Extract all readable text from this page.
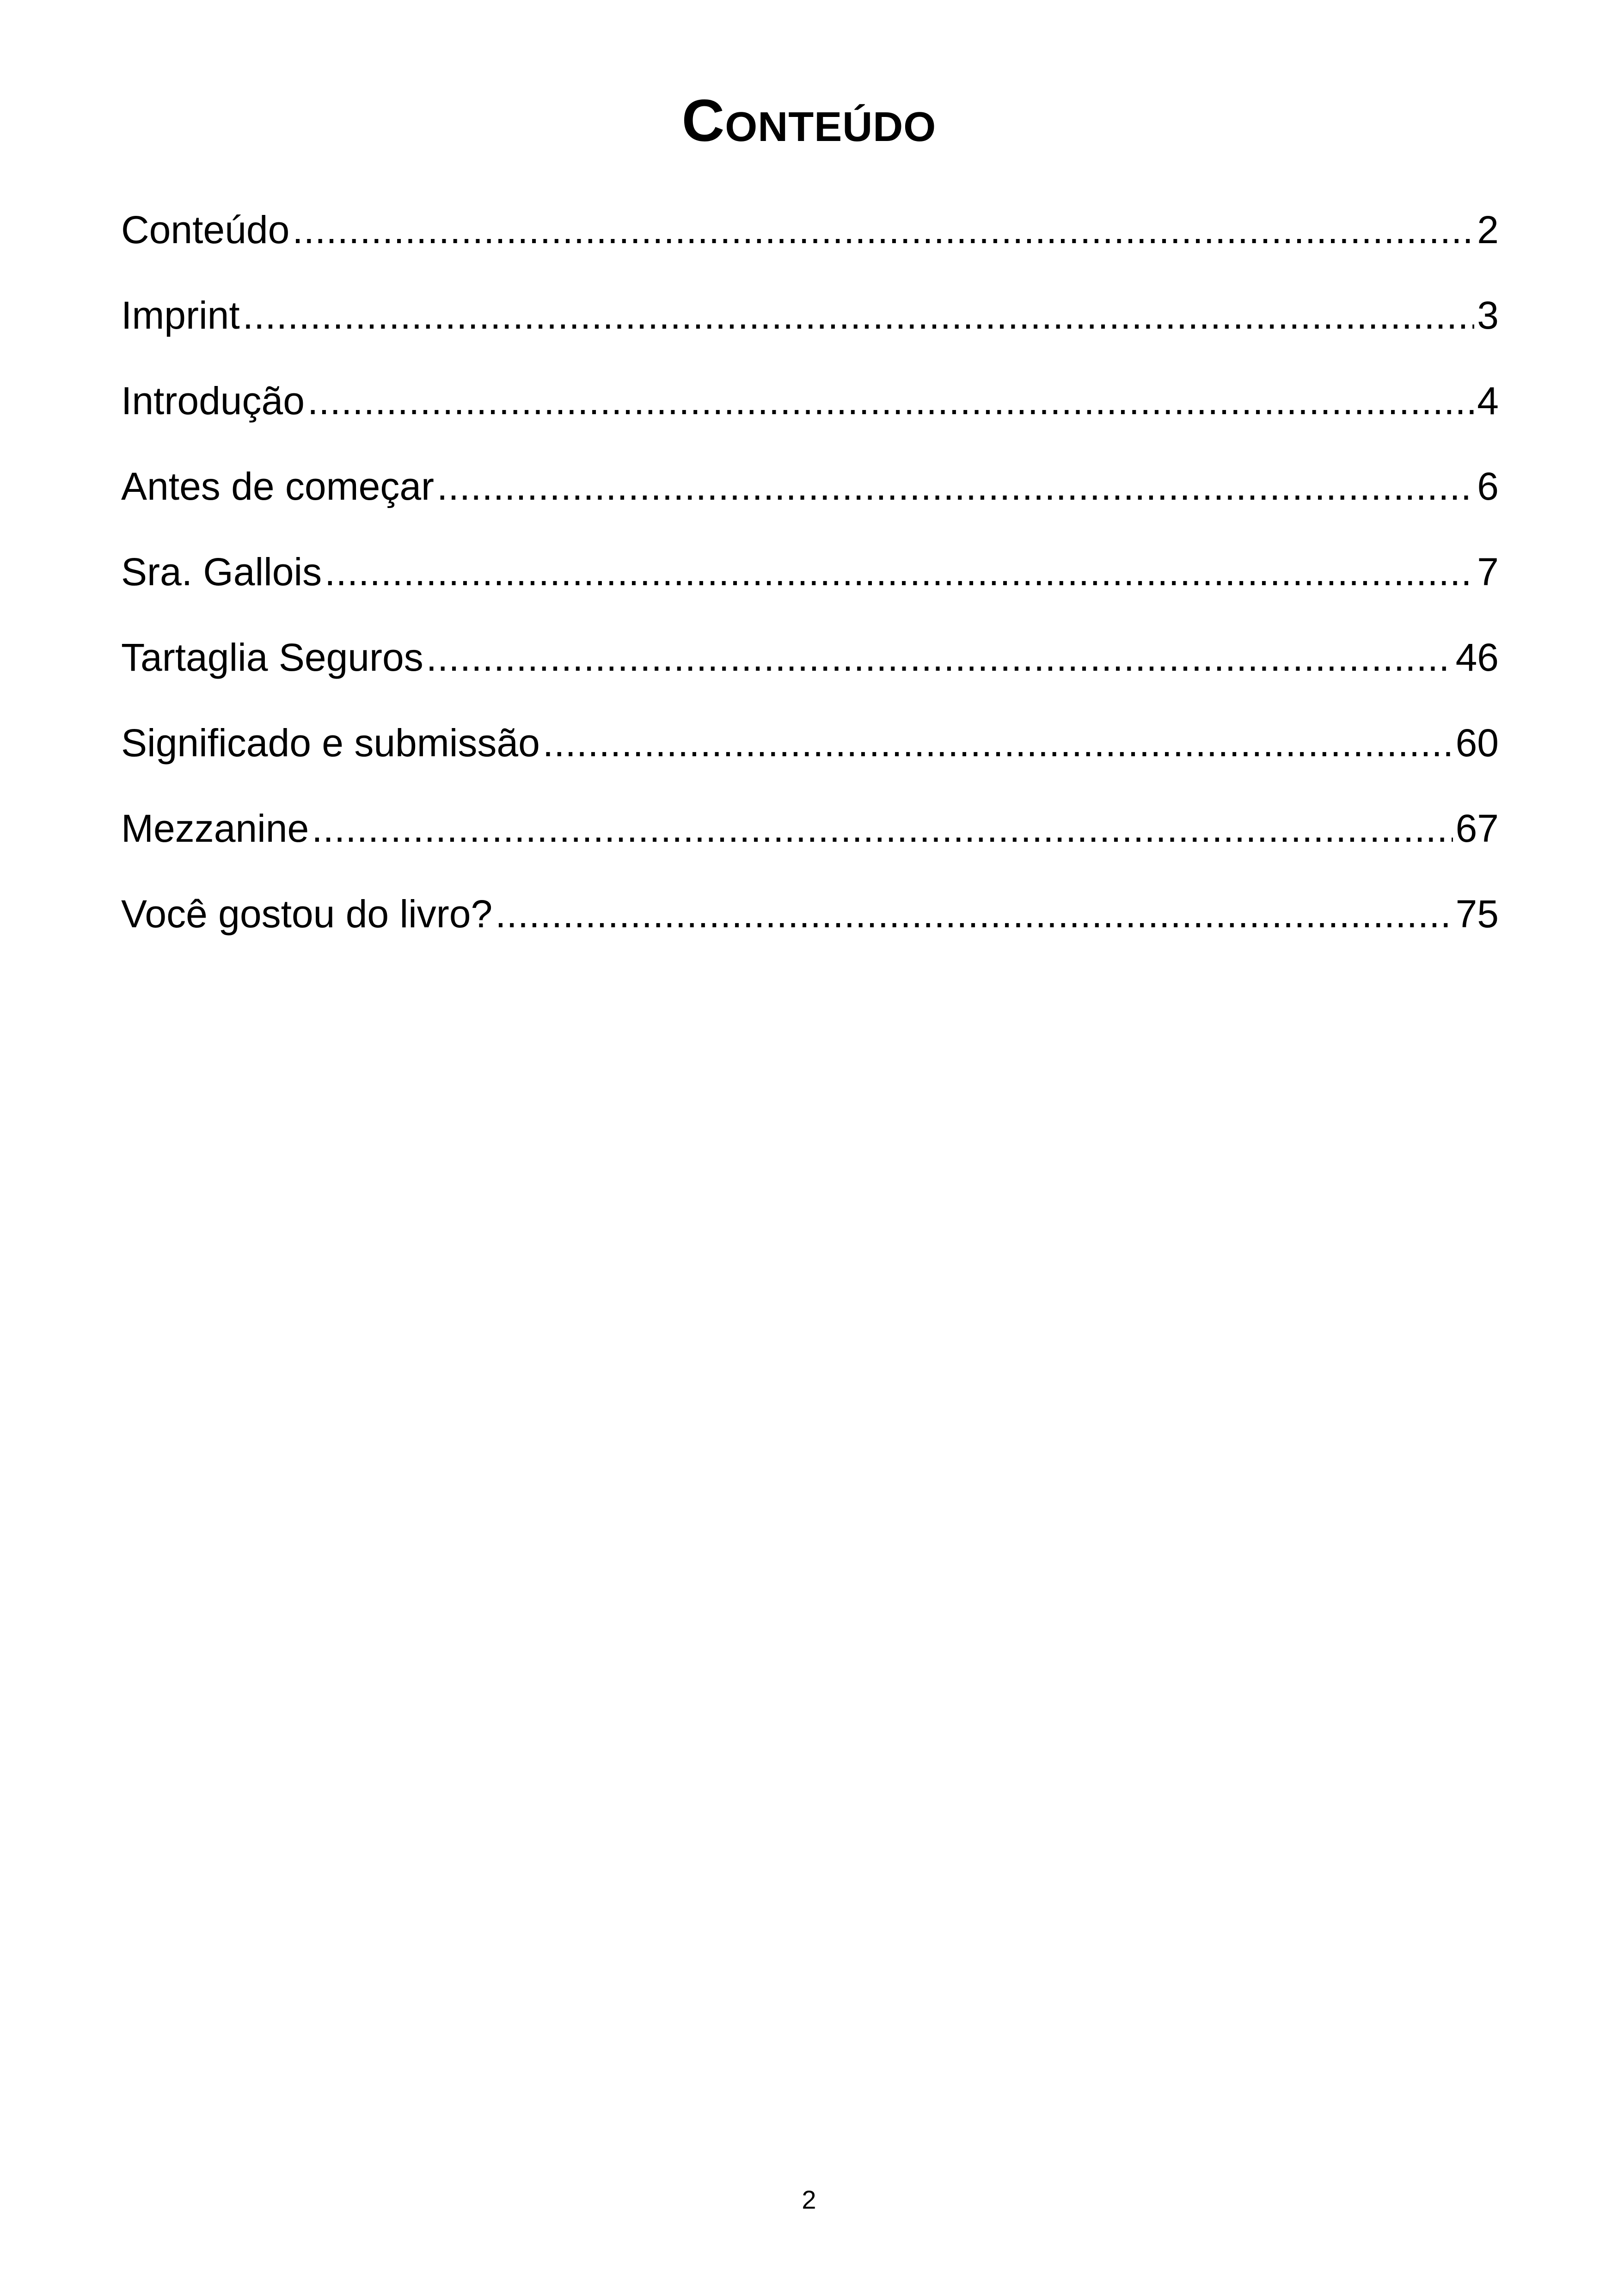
Conteúdo
Conteúdo .....	2
Imprint .....	3
Introdução .....	4
Antes de começar .....	6
Sra. Gallois .....	7
Tartaglia Seguros .....	46
Significado e submissão .....	60
Mezzanine .....	67
Você gostou do livro? .....	75
2
